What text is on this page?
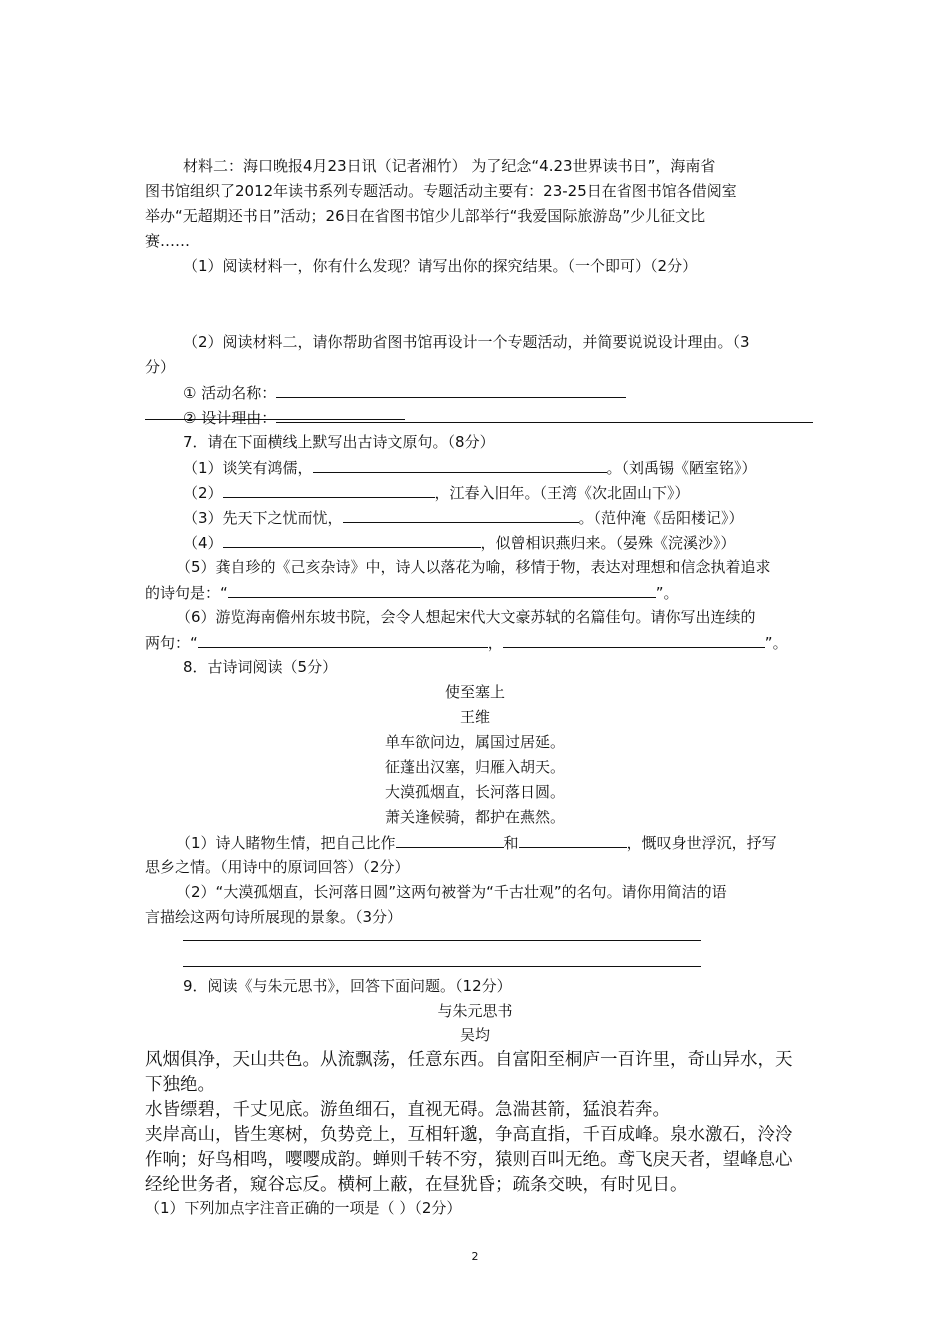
材料二：海口晚报4月23日讯（记者湘竹） 为了纪念“4.23世界读书日”，海南省
图书馆组织了2012年读书系列专题活动。专题活动主要有：23-25日在省图书馆各借阅室
举办“无超期还书日”活动；26日在省图书馆少儿部举行“我爱国际旅游岛”少儿征文比
赛……
（1）阅读材料一，你有什么发现？请写出你的探究结果。（一个即可）（2分）
（2）阅读材料二，请你帮助省图书馆再设计一个专题活动，并简要说说设计理由。（3
分）
① 活动名称：
② 设计理由：
7．请在下面横线上默写出古诗文原句。（8分）
（1）谈笑有鸿儒，	。（刘禹锡《陋室铭》）
（2）	，江春入旧年。（王湾《次北固山下》）
（3）先天下之忧而忧，	。（范仲淹《岳阳楼记》）
（4）	，似曾相识燕归来。（晏殊《浣溪沙》）
（5）龚自珍的《己亥杂诗》中，诗人以落花为喻，移情于物，表达对理想和信念执着追求
的诗句是：“	”。
（6）游览海南儋州东坡书院，会令人想起宋代大文豪苏轼的名篇佳句。请你写出连续的
两句：“	，	”。
8．古诗词阅读（5分）
使至塞上
王维
单车欲问边，属国过居延。
征蓬出汉塞，归雁入胡天。
大漠孤烟直，长河落日圆。
萧关逢候骑，都护在燕然。
（1）诗人睹物生情，把自己比作	和	，慨叹身世浮沉，抒写
思乡之情。（用诗中的原词回答）（2分）
（2）“大漠孤烟直，长河落日圆”这两句被誉为“千古壮观”的名句。请你用简洁的语
言描绘这两句诗所展现的景象。（3分）
9．阅读《与朱元思书》，回答下面问题。（12分）
与朱元思书
吴均
风烟俱净，天山共色。从流飘荡，任意东西。自富阳至桐庐一百许里，奇山异水，天
下独绝。
水皆缥碧，千丈见底。游鱼细石，直视无碍。急湍甚箭，猛浪若奔。
夹岸高山，皆生寒树，负势竞上，互相轩邈，争高直指，千百成峰。泉水激石，泠泠
作响；好鸟相鸣，嘤嘤成韵。蝉则千转不穷，猿则百叫无绝。鸢飞戾天者，望峰息心
经纶世务者，窥谷忘反。横柯上蔽，在昼犹昏；疏条交映，有时见日。
（1）下列加点字注音正确的一项是（ ）（2分）
2
